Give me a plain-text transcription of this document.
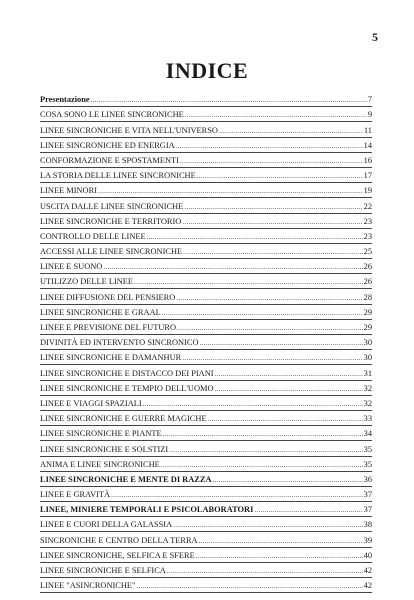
5
INDICE
Presentazione .....	7
COSA SONO LE LINEE SINCRONICHE .....	9
LINEE SINCRONICHE E VITA NELL'UNIVERSO .....	11
LINEE SINCRONICHE ED ENERGIA .....	14
CONFORMAZIONE E SPOSTAMENTI .....	16
LA STORIA DELLE LINEE SINCRONICHE .....	17
LINEE MINORI .....	19
USCITA DALLE LINEE SINCRONICHE .....	22
LINEE SINCRONICHE E TERRITORIO .....	23
CONTROLLO DELLE LINEE .....	23
ACCESSI ALLE LINEE SINCRONICHE .....	25
LINEE E SUONO .....	26
UTILIZZO DELLE LINEE .....	26
LINEE DIFFUSIONE DEL PENSIERO .....	28
LINEE SINCRONICHE E GRAAL .....	29
LINEE E PREVISIONE DEL FUTURO .....	29
DIVINITÀ ED INTERVENTO SINCRONICO .....	30
LINEE SINCRONICHE E DAMANHUR .....	30
LINEE SINCRONICHE E DISTACCO DEI PIANI .....	31
LINEE SINCRONICHE E TEMPIO DELL'UOMO .....	32
LINEE E VIAGGI SPAZIALI .....	32
LINEE SINCRONICHE E GUERRE MAGICHE .....	33
LINEE SINCRONICHE E PIANTE .....	34
LINEE SINCRONICHE E SOLSTIZI .....	35
ANIMA E LINEE SINCRONICHE .....	35
LINEE SINCRONICHE E MENTE DI RAZZA .....	36
LINEE E GRAVITÀ .....	37
LINEE, MINIERE TEMPORALI E PSICOLABORATORI .....	37
LINEE E CUORI DELLA GALASSIA .....	38
SINCRONICHE E CENTRO DELLA TERRA .....	39
LINEE SINCRONICHE, SELFICA E SFERE .....	40
LINEE SINCRONICHE E SELFICA .....	42
LINEE "ASINCRONICHE" .....	42
